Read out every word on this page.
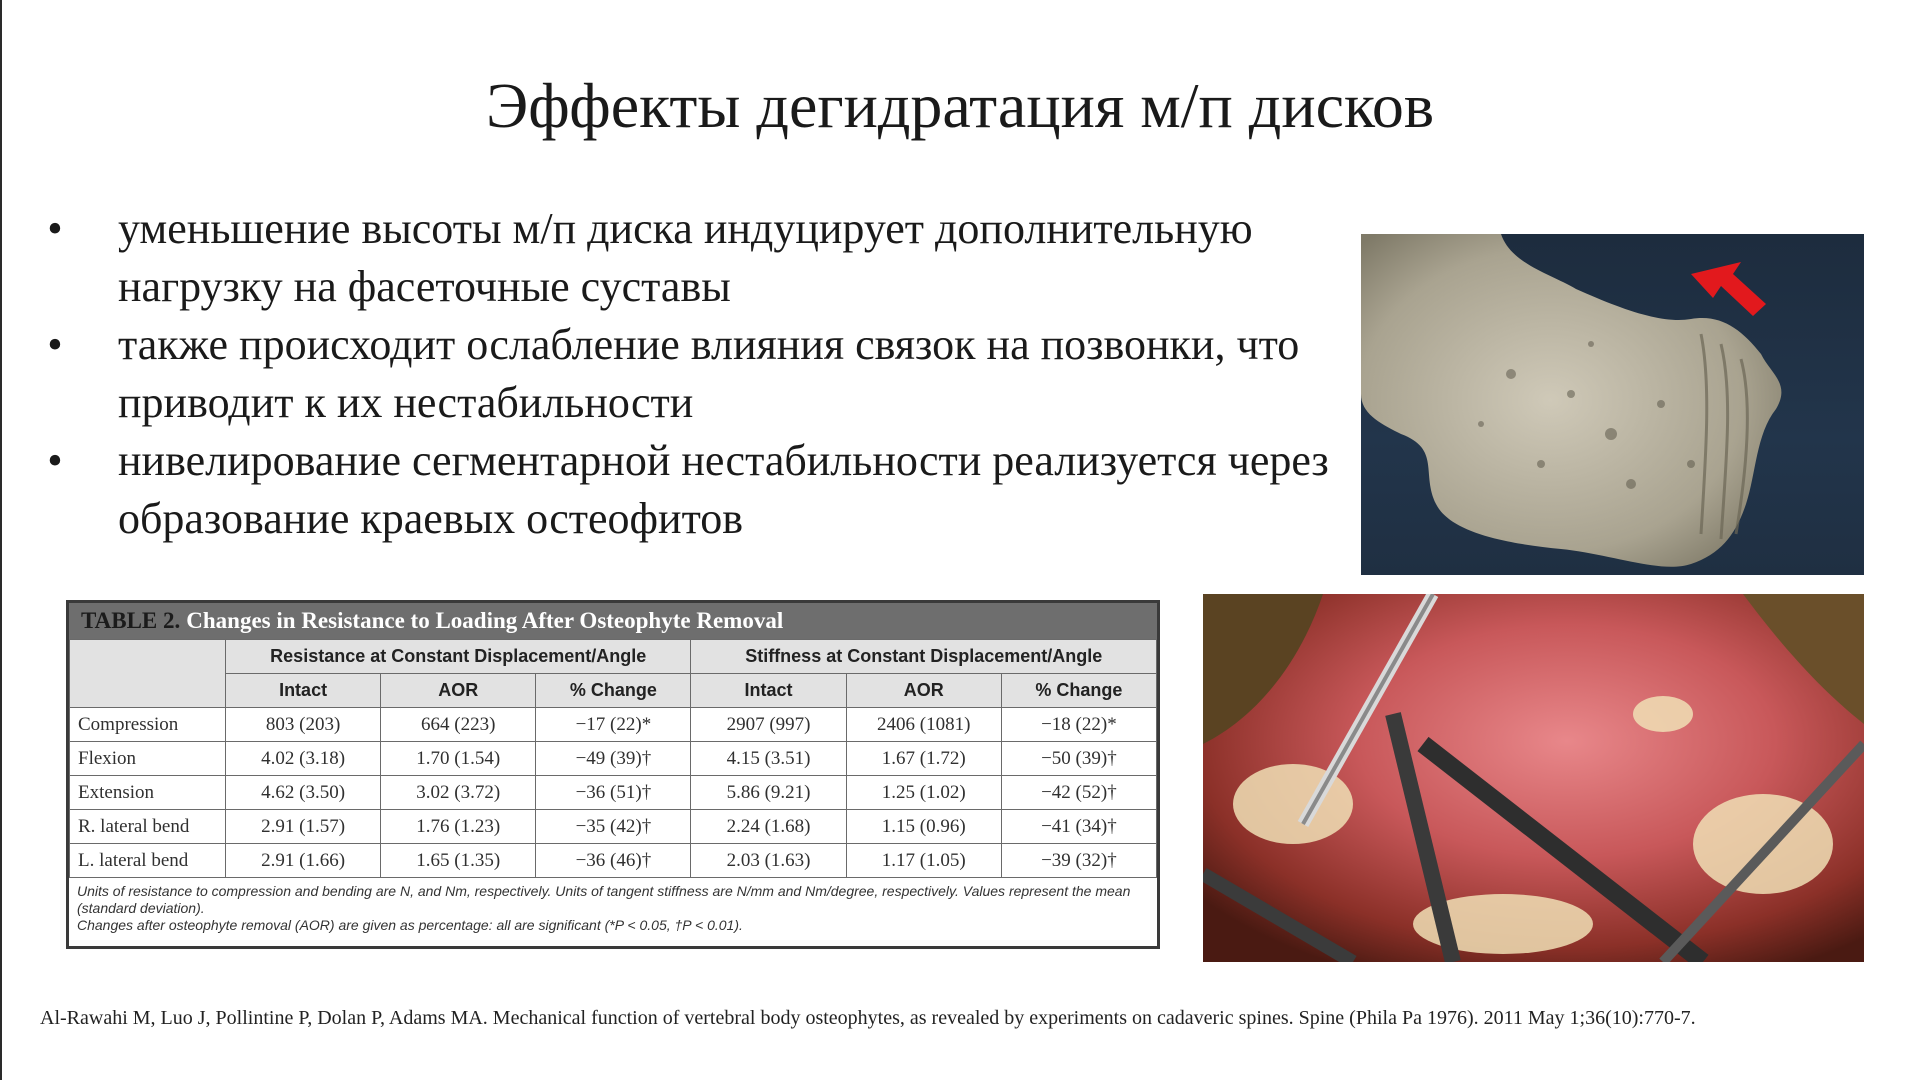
Эффекты дегидратация м/п дисков
• уменьшение высоты м/п диска индуцирует дополнительную нагрузку на фасеточные суставы
• также происходит ослабление влияния связок на позвонки, что приводит к их нестабильности
• нивелирование сегментарной нестабильности реализуется через образование краевых остеофитов
TABLE 2. Changes in Resistance to Loading After Osteophyte Removal
	Resistance at Constant Displacement/Angle			Stiffness at Constant Displacement/Angle		
	Intact	AOR	% Change	Intact	AOR	% Change
Compression	803 (203)	664 (223)	−17 (22)*	2907 (997)	2406 (1081)	−18 (22)*
Flexion	4.02 (3.18)	1.70 (1.54)	−49 (39)†	4.15 (3.51)	1.67 (1.72)	−50 (39)†
Extension	4.62 (3.50)	3.02 (3.72)	−36 (51)†	5.86 (9.21)	1.25 (1.02)	−42 (52)†
R. lateral bend	2.91 (1.57)	1.76 (1.23)	−35 (42)†	2.24 (1.68)	1.15 (0.96)	−41 (34)†
L. lateral bend	2.91 (1.66)	1.65 (1.35)	−36 (46)†	2.03 (1.63)	1.17 (1.05)	−39 (32)†
Units of resistance to compression and bending are N, and Nm, respectively. Units of tangent stiffness are N/mm and Nm/degree, respectively. Values represent the mean (standard deviation).
Changes after osteophyte removal (AOR) are given as percentage: all are significant (*P < 0.05, †P < 0.01).
Al-Rawahi M, Luo J, Pollintine P, Dolan P, Adams MA. Mechanical function of vertebral body osteophytes, as revealed by experiments on cadaveric spines. Spine (Phila Pa 1976). 2011 May 1;36(10):770-7.
